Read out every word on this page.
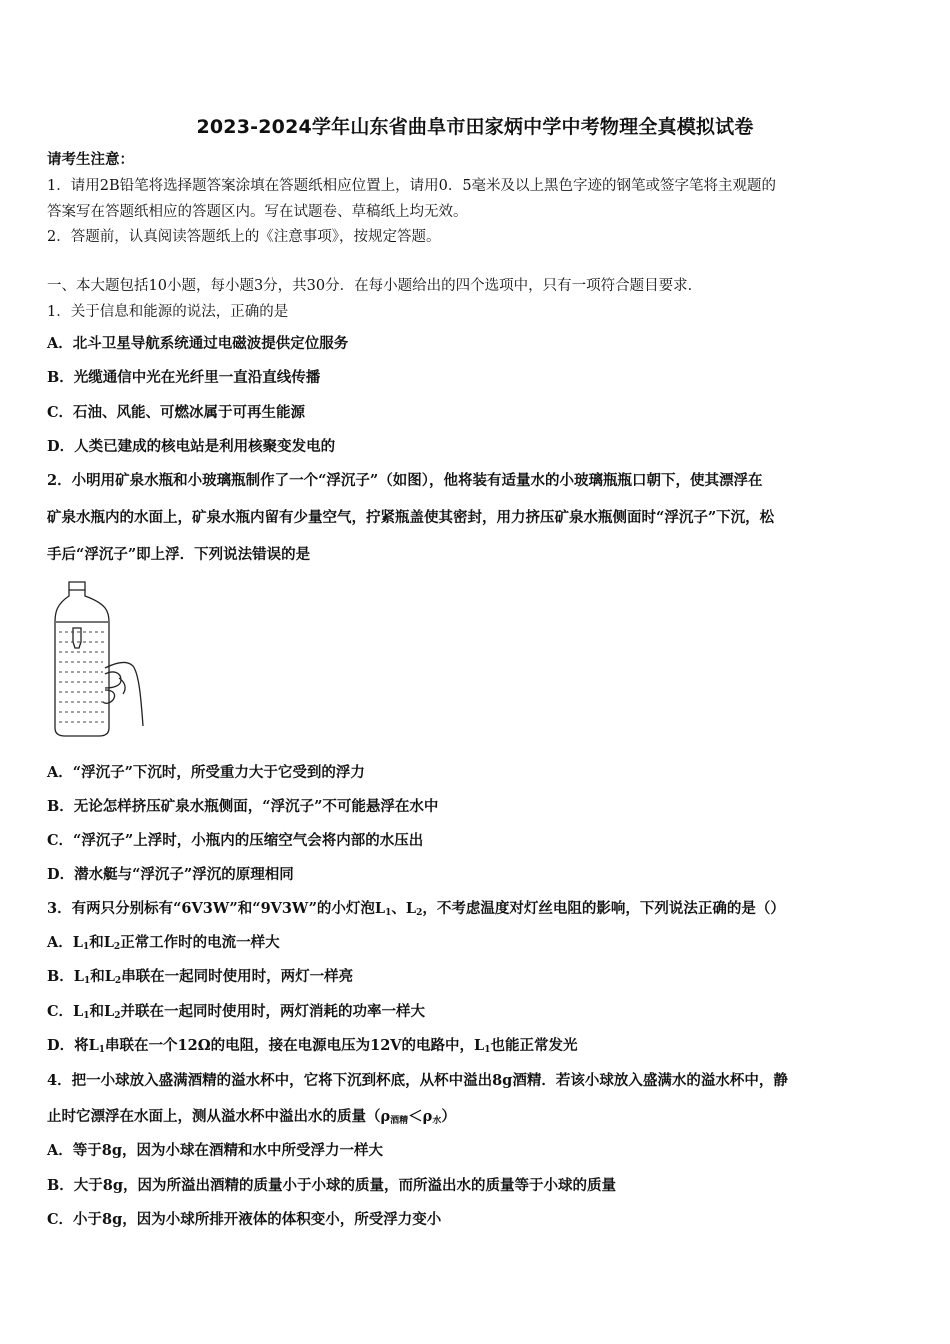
2023-2024学年山东省曲阜市田家炳中学中考物理全真模拟试卷
请考生注意：
1．请用2B铅笔将选择题答案涂填在答题纸相应位置上，请用0．5毫米及以上黑色字迹的钢笔或签字笔将主观题的
答案写在答题纸相应的答题区内。写在试题卷、草稿纸上均无效。
2．答题前，认真阅读答题纸上的《注意事项》，按规定答题。
一、本大题包括10小题，每小题3分，共30分．在每小题给出的四个选项中，只有一项符合题目要求．
1．关于信息和能源的说法，正确的是
A．北斗卫星导航系统通过电磁波提供定位服务
B．光缆通信中光在光纤里一直沿直线传播
C．石油、风能、可燃冰属于可再生能源
D．人类已建成的核电站是利用核聚变发电的
2．小明用矿泉水瓶和小玻璃瓶制作了一个“浮沉子”（如图），他将装有适量水的小玻璃瓶瓶口朝下，使其漂浮在
矿泉水瓶内的水面上，矿泉水瓶内留有少量空气，拧紧瓶盖使其密封，用力挤压矿泉水瓶侧面时“浮沉子”下沉，松
手后“浮沉子”即上浮．下列说法错误的是
A．“浮沉子”下沉时，所受重力大于它受到的浮力
B．无论怎样挤压矿泉水瓶侧面，“浮沉子”不可能悬浮在水中
C．“浮沉子”上浮时，小瓶内的压缩空气会将内部的水压出
D．潜水艇与“浮沉子”浮沉的原理相同
3．有两只分别标有“6V3W”和“9V3W”的小灯泡$L_1$、$L_2$，不考虑温度对灯丝电阻的影响，下列说法正确的是（）
A．$L_1$和$L_2$正常工作时的电流一样大
B．$L_1$和$L_2$串联在一起同时使用时，两灯一样亮
C．$L_1$和$L_2$并联在一起同时使用时，两灯消耗的功率一样大
D．将$L_1$串联在一个12Ω的电阻，接在电源电压为12V的电路中，$L_1$也能正常发光
4．把一小球放入盛满酒精的溢水杯中，它将下沉到杯底，从杯中溢出8g酒精．若该小球放入盛满水的溢水杯中，静
止时它漂浮在水面上，测从溢水杯中溢出水的质量$(\rho_{酒精}<\rho_水)$
A．等于8g，因为小球在酒精和水中所受浮力一样大
B．大于8g，因为所溢出酒精的质量小于小球的质量，而所溢出水的质量等于小球的质量
C．小于8g，因为小球所排开液体的体积变小，所受浮力变小
